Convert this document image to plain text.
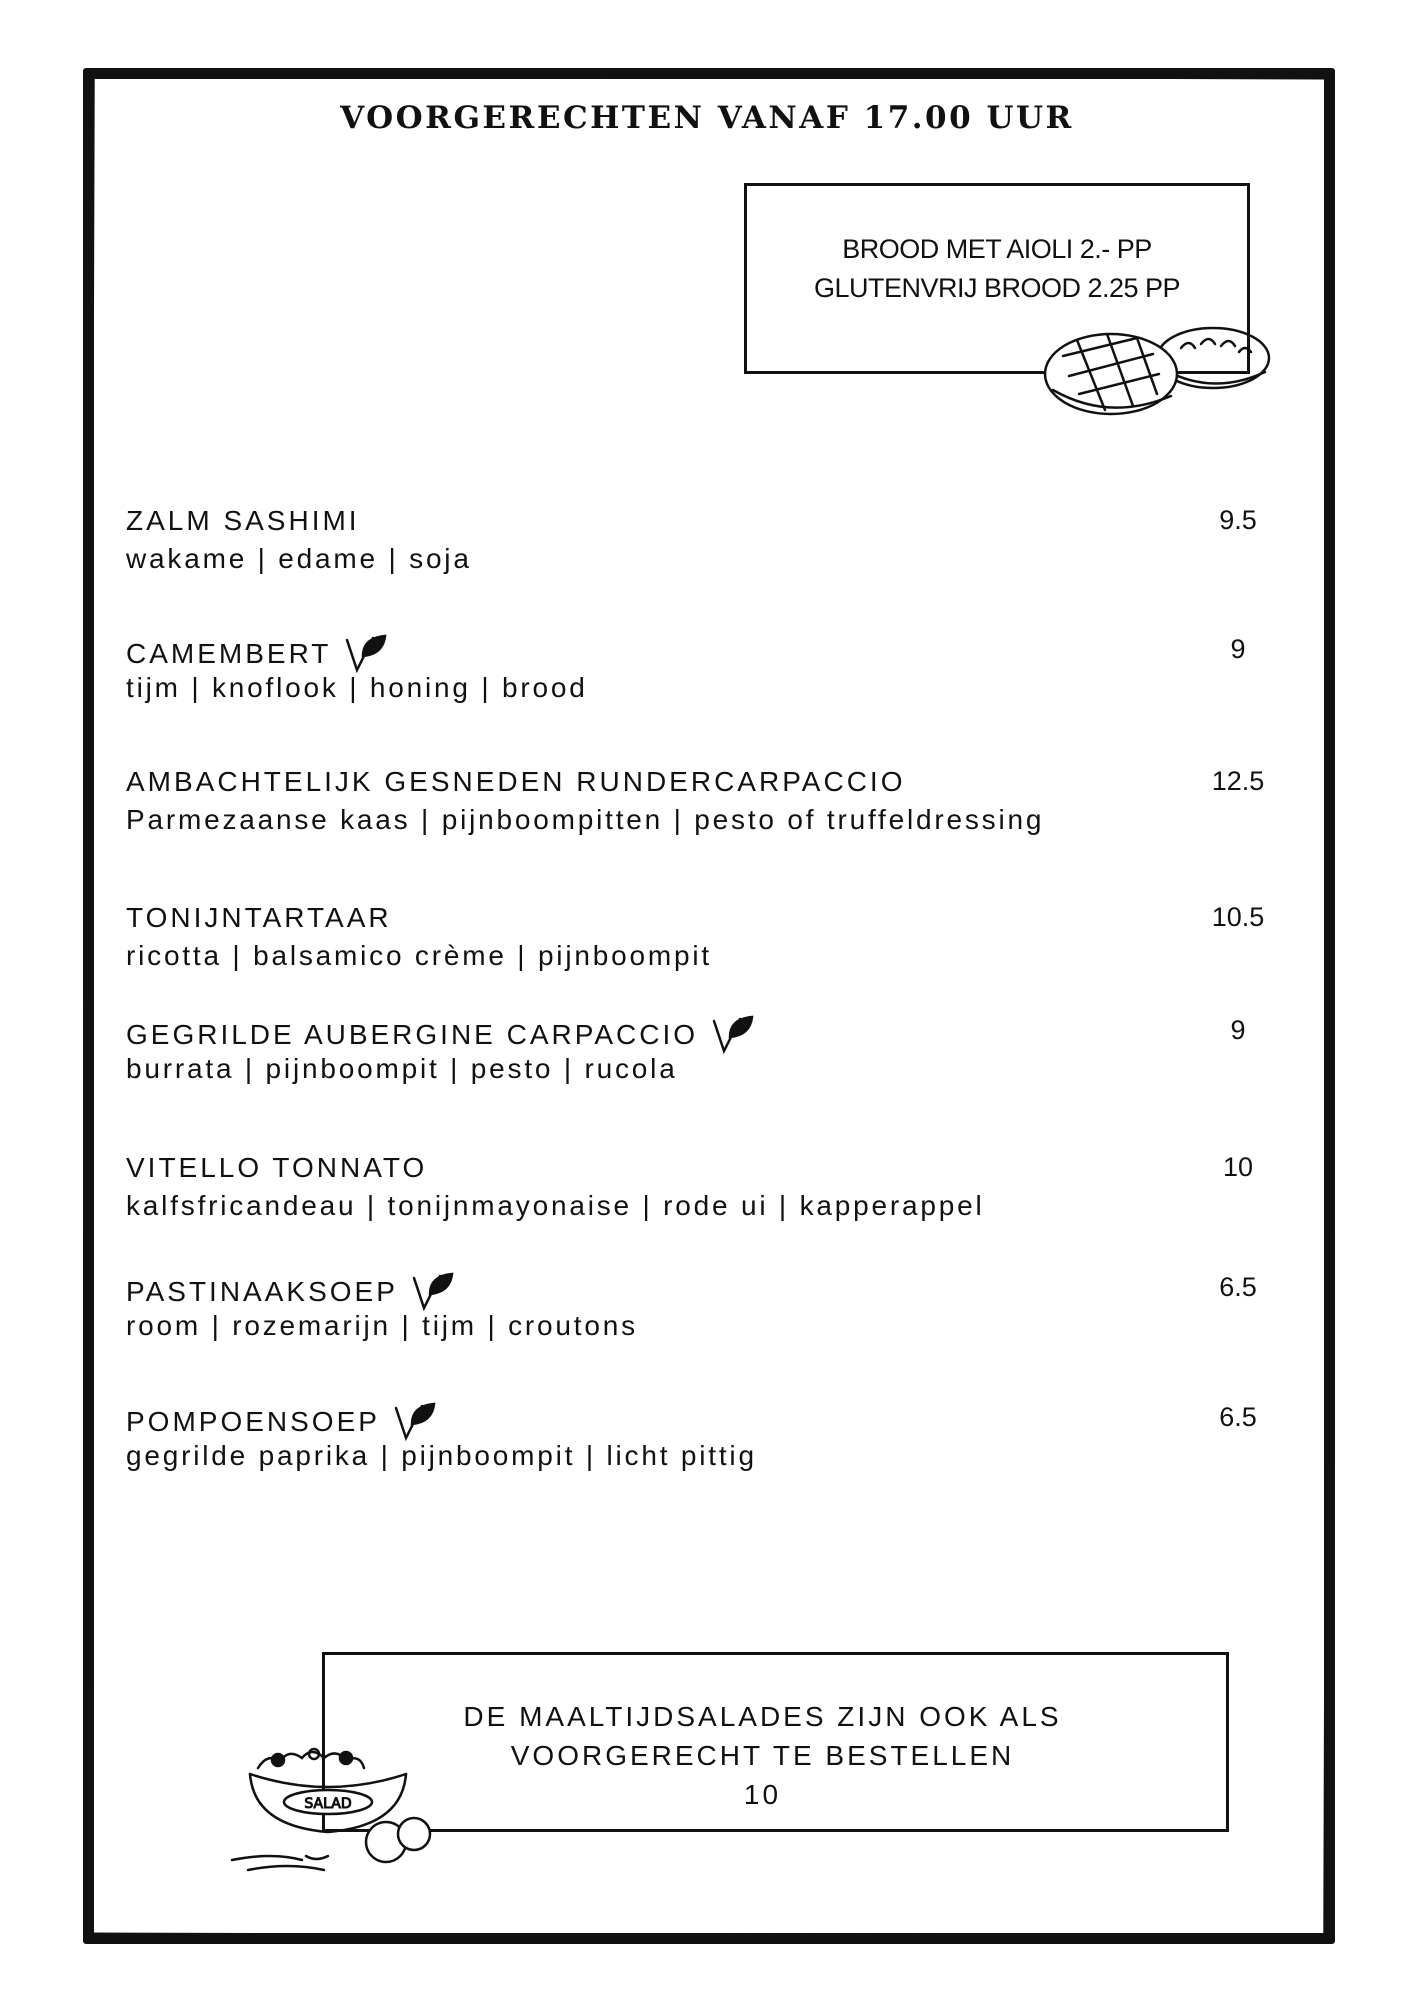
VOORGERECHTEN VANAF 17.00 UUR
BROOD MET AIOLI 2.- PP
GLUTENVRIJ BROOD 2.25 PP
ZALM SASHIMI
wakame | edame | soja
9.5
CAMEMBERT
tijm | knoflook | honing | brood
9
AMBACHTELIJK GESNEDEN RUNDERCARPACCIO
Parmezaanse kaas | pijnboompitten | pesto of truffeldressing
12.5
TONIJNTARTAAR
ricotta | balsamico crème | pijnboompit
10.5
GEGRILDE AUBERGINE CARPACCIO
burrata | pijnboompit | pesto | rucola
9
VITELLO TONNATO
kalfsfricandeau | tonijnmayonaise | rode ui | kapperappel
10
PASTINAAKSOEP
room | rozemarijn | tijm | croutons
6.5
POMPOENSOEP
gegrilde paprika | pijnboompit | licht pittig
6.5
DE MAALTIJDSALADES ZIJN OOK ALS
VOORGERECHT TE BESTELLEN
10
SALAD
